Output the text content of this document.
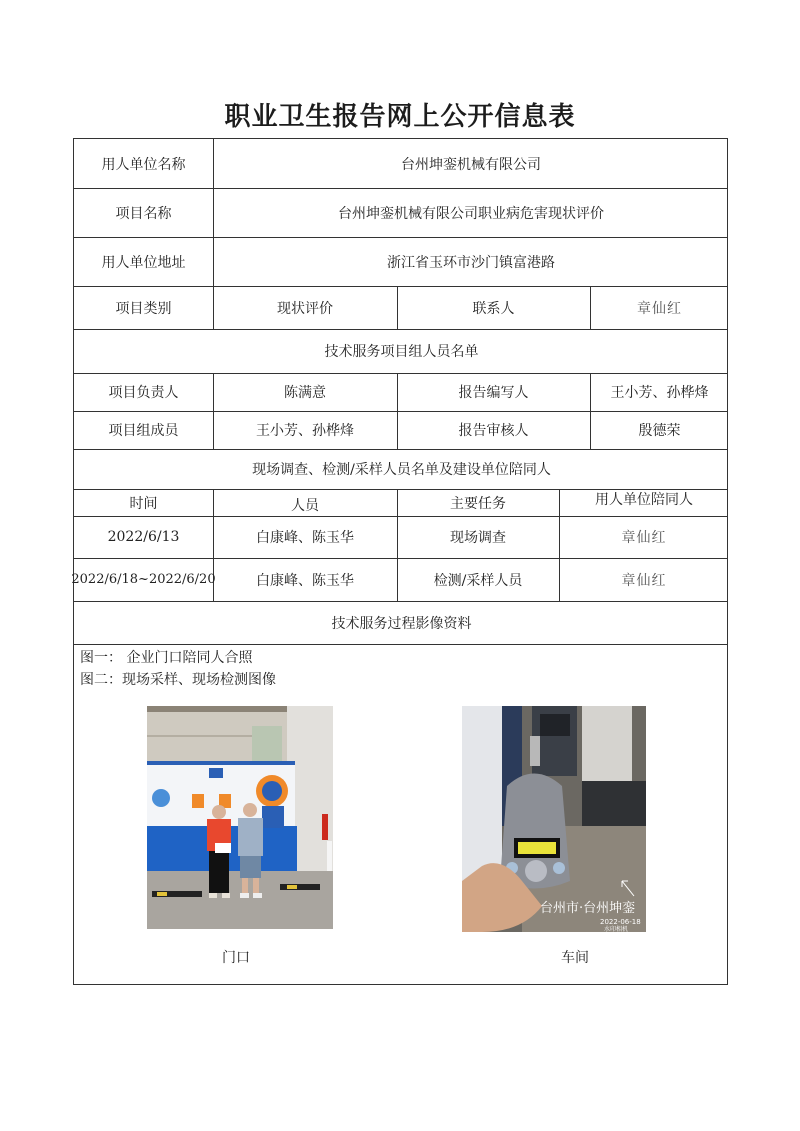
职业卫生报告网上公开信息表
用人单位名称	台州坤銮机械有限公司
项目名称	台州坤銮机械有限公司职业病危害现状评价
用人单位地址	浙江省玉环市沙门镇富港路
项目类别	现状评价	联系人	章仙红
技术服务项目组人员名单
项目负责人	陈满意	报告编写人	王小芳、孙桦烽
项目组成员	王小芳、孙桦烽	报告审核人	殷德荣
现场调查、检测/采样人员名单及建设单位陪同人
时间	人员	主要任务	用人单位陪同人
2022/6/13	白康峰、陈玉华	现场调查	章仙红
2022/6/18~2022/6/20	白康峰、陈玉华	检测/采样人员	章仙红
技术服务过程影像资料
图一： 企业门口陪同人合照
图二：现场采样、现场检测图像
台州市·台州坤銮
2022-06-18
水印相机
门口	车间
